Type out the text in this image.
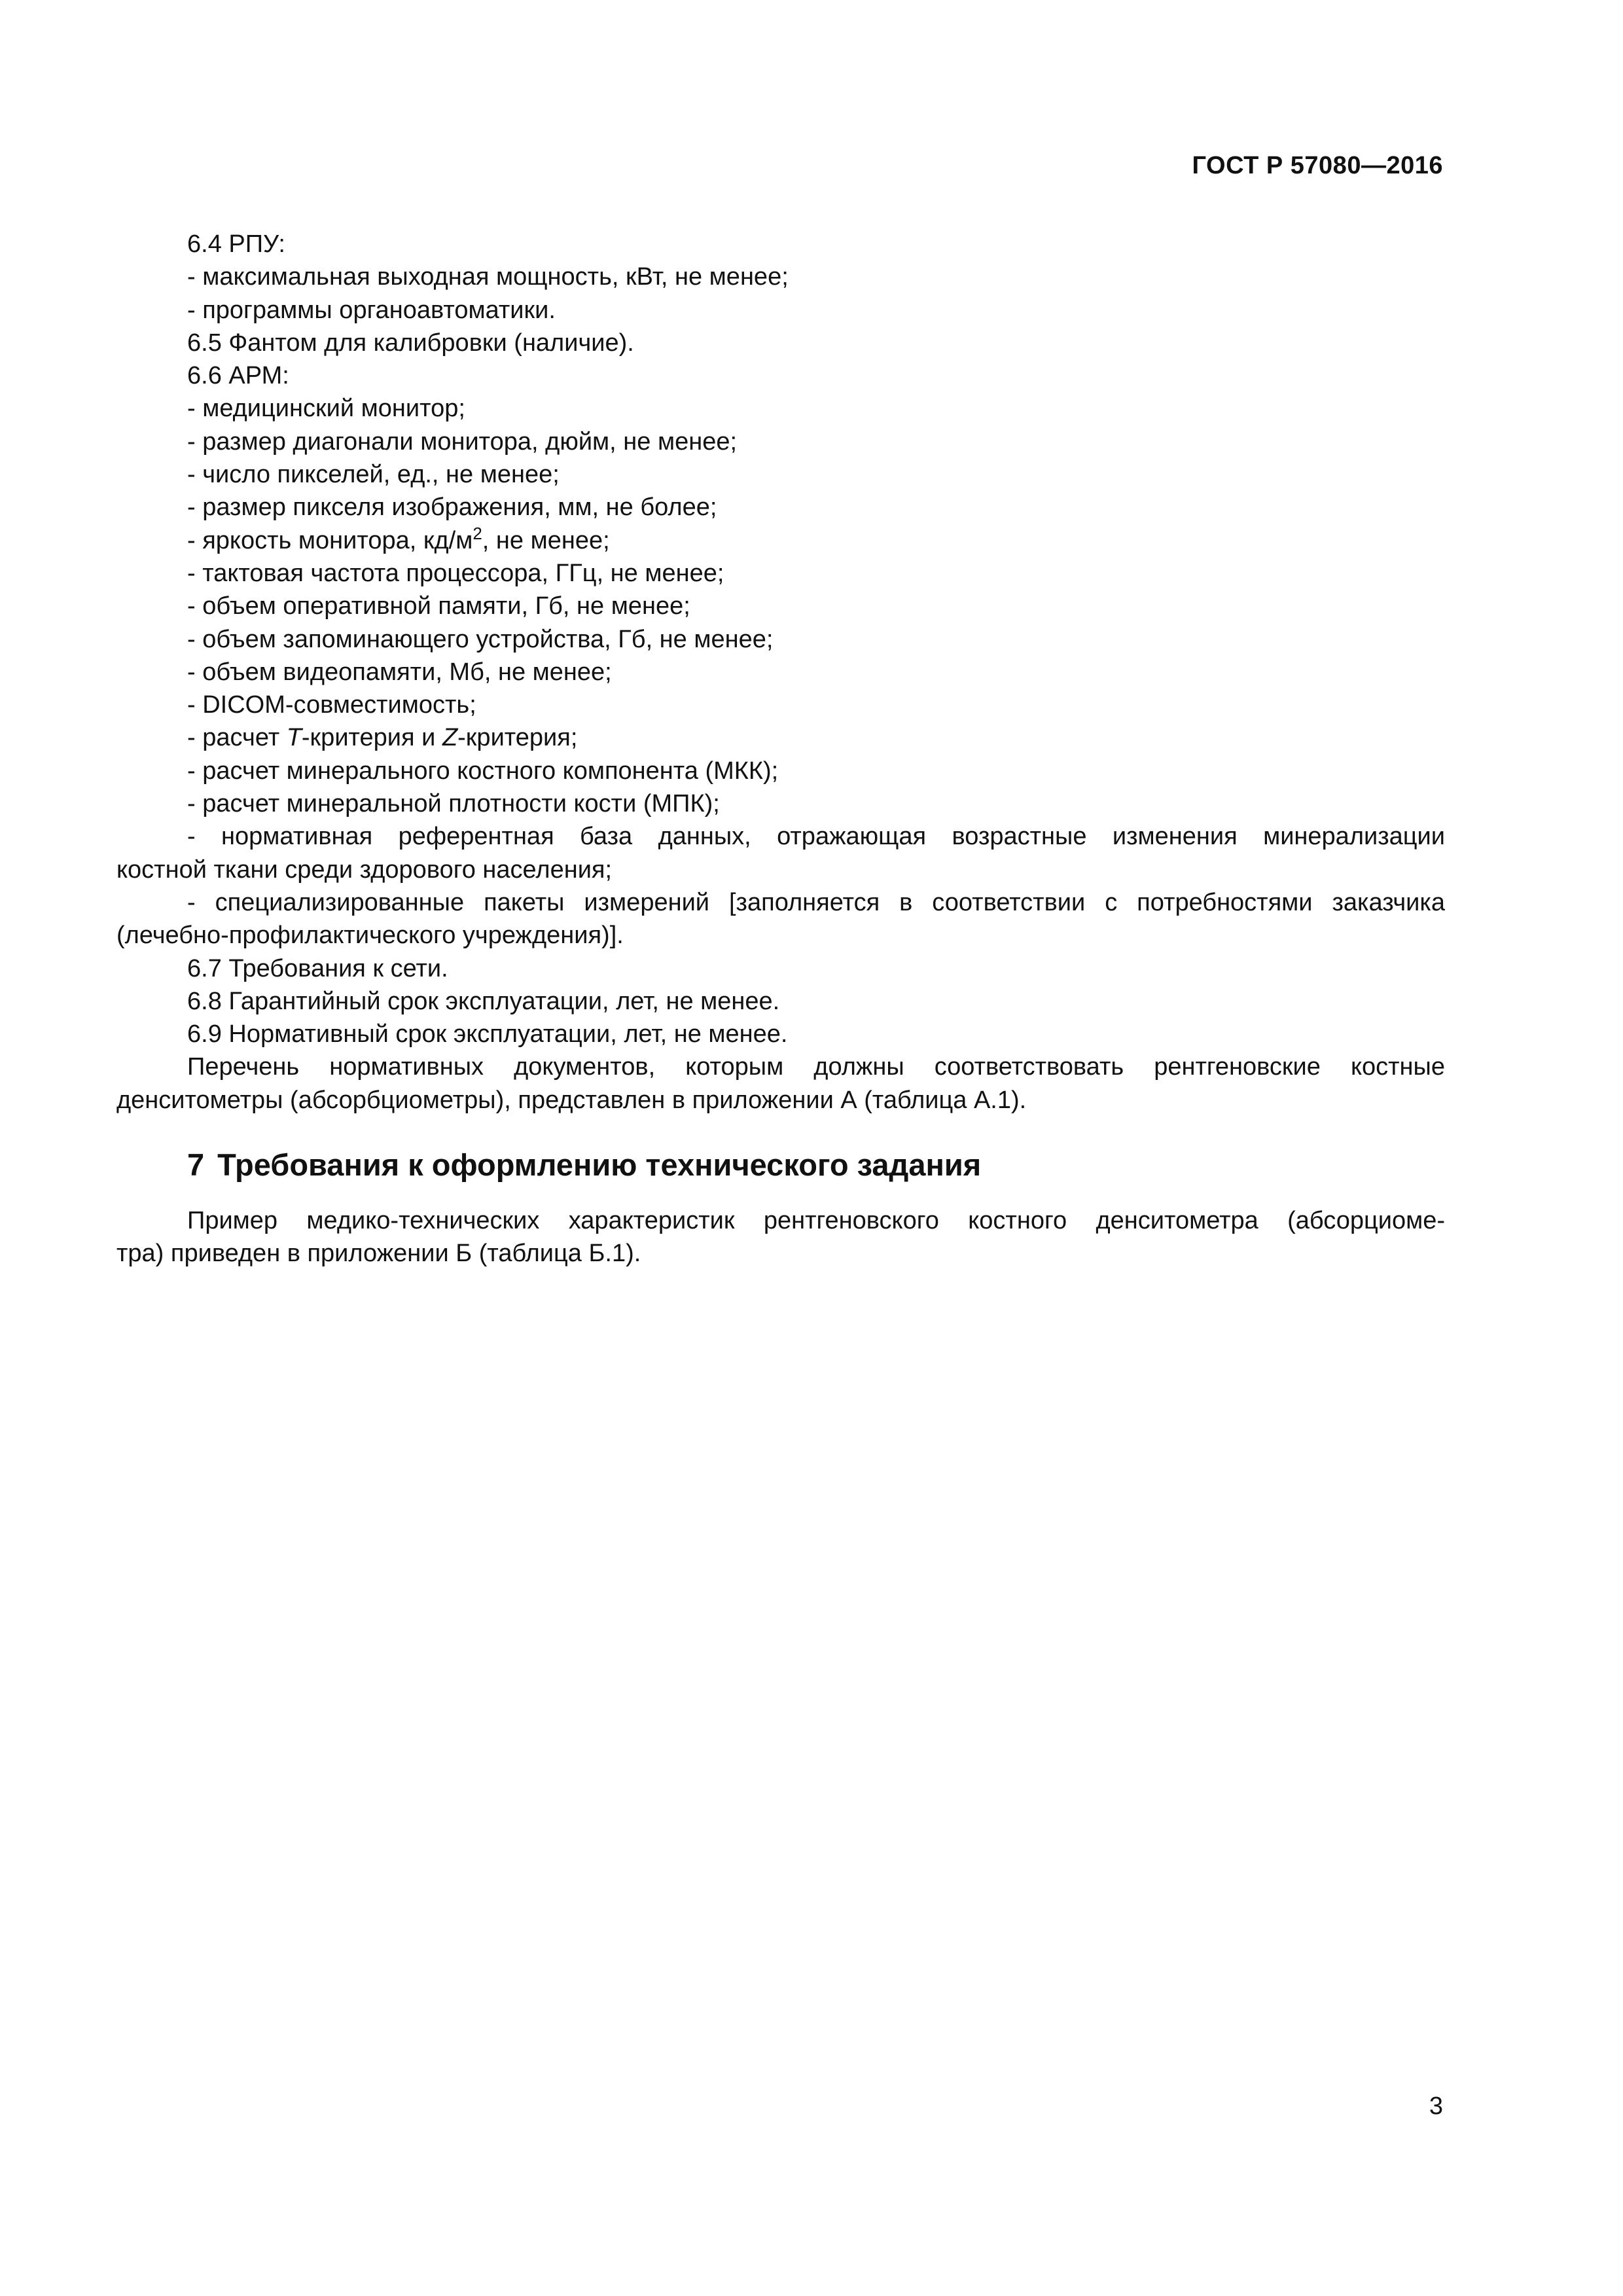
ГОСТ Р 57080—2016
6.4 РПУ:
- максимальная выходная мощность, кВт, не менее;
- программы органоавтоматики.
6.5 Фантом для калибровки (наличие).
6.6 АРМ:
- медицинский монитор;
- размер диагонали монитора, дюйм, не менее;
- число пикселей, ед., не менее;
- размер пикселя изображения, мм, не более;
- яркость монитора, $кд/м^2$, не менее;
- тактовая частота процессора, ГГц, не менее;
- объем оперативной памяти, Гб, не менее;
- объем запоминающего устройства, Гб, не менее;
- объем видеопамяти, Мб, не менее;
- DICOM-совместимость;
- расчет T-критерия и Z-критерия;
- расчет минерального костного компонента (МКК);
- расчет минеральной плотности кости (МПК);
- нормативная референтная база данных, отражающая возрастные изменения минерализации
костной ткани среди здорового населения;
- специализированные пакеты измерений [заполняется в соответствии с потребностями заказчика
(лечебно-профилактического учреждения)].
6.7 Требования к сети.
6.8 Гарантийный срок эксплуатации, лет, не менее.
6.9 Нормативный срок эксплуатации, лет, не менее.
Перечень нормативных документов, которым должны соответствовать рентгеновские костные
денситометры (абсорбциометры), представлен в приложении А (таблица А.1).
7 Требования к оформлению технического задания
Пример медико-технических характеристик рентгеновского костного денситометра (абсорциоме-
тра) приведен в приложении Б (таблица Б.1).
3
